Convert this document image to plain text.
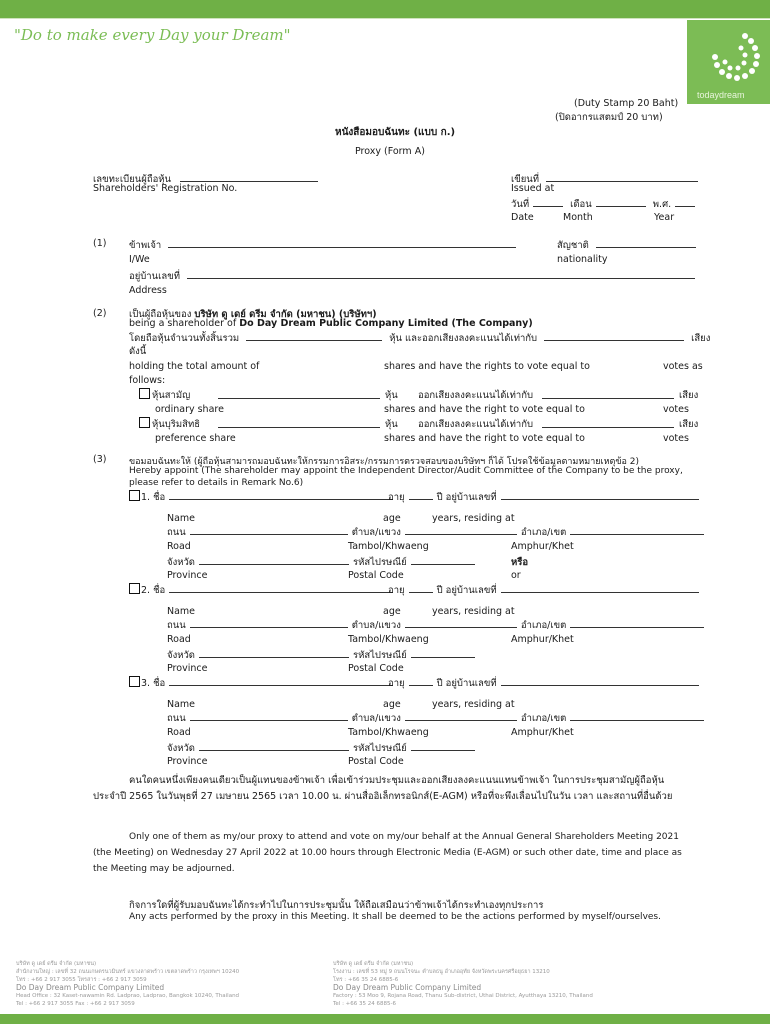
"Do to make every Day your Dream"
todaydream
(Duty Stamp 20 Baht)
(ปิดอากรแสตมป์ 20 บาท)
หนังสือมอบฉันทะ (แบบ ก.)
Proxy (Form A)
เลขทะเบียนผู้ถือหุ้น
Shareholders' Registration No.
เขียนที่
Issued at
วันที่	เดือน	พ.ศ.
Date	Month	Year
(1) ข้าพเจ้า	สัญชาติ
I/We	nationality
อยู่บ้านเลขที่
Address
(2) เป็นผู้ถือหุ้นของ บริษัท ดู เดย์ ดรีม จำกัด (มหาชน) (บริษัทฯ)
being a shareholder of Do Day Dream Public Company Limited (The Company)
โดยถือหุ้นจำนวนทั้งสิ้นรวม	หุ้น และออกเสียงลงคะแนนได้เท่ากับ	เสียง
ดังนี้
holding the total amount of	shares and have the rights to vote equal to	votes as
follows:
หุ้นสามัญ	หุ้น ออกเสียงลงคะแนนได้เท่ากับ	เสียง
ordinary share	shares and have the right to vote equal to	votes
หุ้นบุริมสิทธิ	หุ้น ออกเสียงลงคะแนนได้เท่ากับ	เสียง
preference share	shares and have the right to vote equal to	votes
(3)	ขอมอบฉันทะให้ (ผู้ถือหุ้นสามารถมอบฉันทะให้กรรมการอิสระ/กรรมการตรวจสอบของบริษัทฯ ก็ได้ โปรดใช้ข้อมูลตามหมายเหตุข้อ 2)
Hereby appoint (The shareholder may appoint the Independent Director/Audit Committee of the Company to be the proxy,
please refer to details in Remark No.6)
1. ชื่อ	อายุ	ปี อยู่บ้านเลขที่
Name	age	years, residing at
ถนน	ตำบล/แขวง	อำเภอ/เขต
Road	Tambol/Khwaeng	Amphur/Khet
จังหวัด	รหัสไปรษณีย์	หรือ
Province	Postal Code	or
2. ชื่อ	อายุ	ปี อยู่บ้านเลขที่
Name	age	years, residing at
ถนน	ตำบล/แขวง	อำเภอ/เขต
Road	Tambol/Khwaeng	Amphur/Khet
จังหวัด	รหัสไปรษณีย์
Province	Postal Code
3. ชื่อ	อายุ	ปี อยู่บ้านเลขที่
Name	age	years, residing at
ถนน	ตำบล/แขวง	อำเภอ/เขต
Road	Tambol/Khwaeng	Amphur/Khet
จังหวัด	รหัสไปรษณีย์
Province	Postal Code
คนใดคนหนึ่งเพียงคนเดียวเป็นผู้แทนของข้าพเจ้า เพื่อเข้าร่วมประชุมและออกเสียงลงคะแนนแทนข้าพเจ้า ในการประชุมสามัญผู้ถือหุ้นประจำปี 2565 ในวันพุธที่ 27 เมษายน 2565 เวลา 10.00 น. ผ่านสื่ออิเล็กทรอนิกส์(E-AGM) หรือที่จะพึงเลื่อนไปในวัน เวลา และสถานที่อื่นด้วย
Only one of them as my/our proxy to attend and vote on my/our behalf at the Annual General Shareholders Meeting 2021 (the Meeting) on Wednesday 27 April 2022 at 10.00 hours through Electronic Media (E-AGM) or such other date, time and place as the Meeting may be adjourned.
กิจการใดที่ผู้รับมอบฉันทะได้กระทำไปในการประชุมนั้น ให้ถือเสมือนว่าข้าพเจ้าได้กระทำเองทุกประการ
Any acts performed by the proxy in this Meeting. It shall be deemed to be the actions performed by myself/ourselves.
บริษัท ดู เดย์ ดรีม จำกัด (มหาชน)
สำนักงานใหญ่ : เลขที่ 32 ถนนเกษตรนวมินทร์ แขวงลาดพร้าว เขตลาดพร้าว กรุงเทพฯ 10240
โทร : +66 2 917 3055 โทรสาร : +66 2 917 3059
Do Day Dream Public Company Limited
Head Office : 32 Kaset-nawamin Rd. Ladprao, Ladprao, Bangkok 10240, Thailand
Tel : +66 2 917 3055 Fax : +66 2 917 3059
บริษัท ดู เดย์ ดรีม จำกัด (มหาชน)
โรงงาน : เลขที่ 53 หมู่ 9 ถนนโรจนะ ตำบลธนู อำเภออุทัย จังหวัดพระนครศรีอยุธยา 13210
โทร : +66 35 24 6885-6
Do Day Dream Public Company Limited
Factory : 53 Moo 9, Rojana Road, Thanu Sub-district, Uthai District, Ayutthaya 13210, Thailand
Tel : +66 35 24 6885-6
